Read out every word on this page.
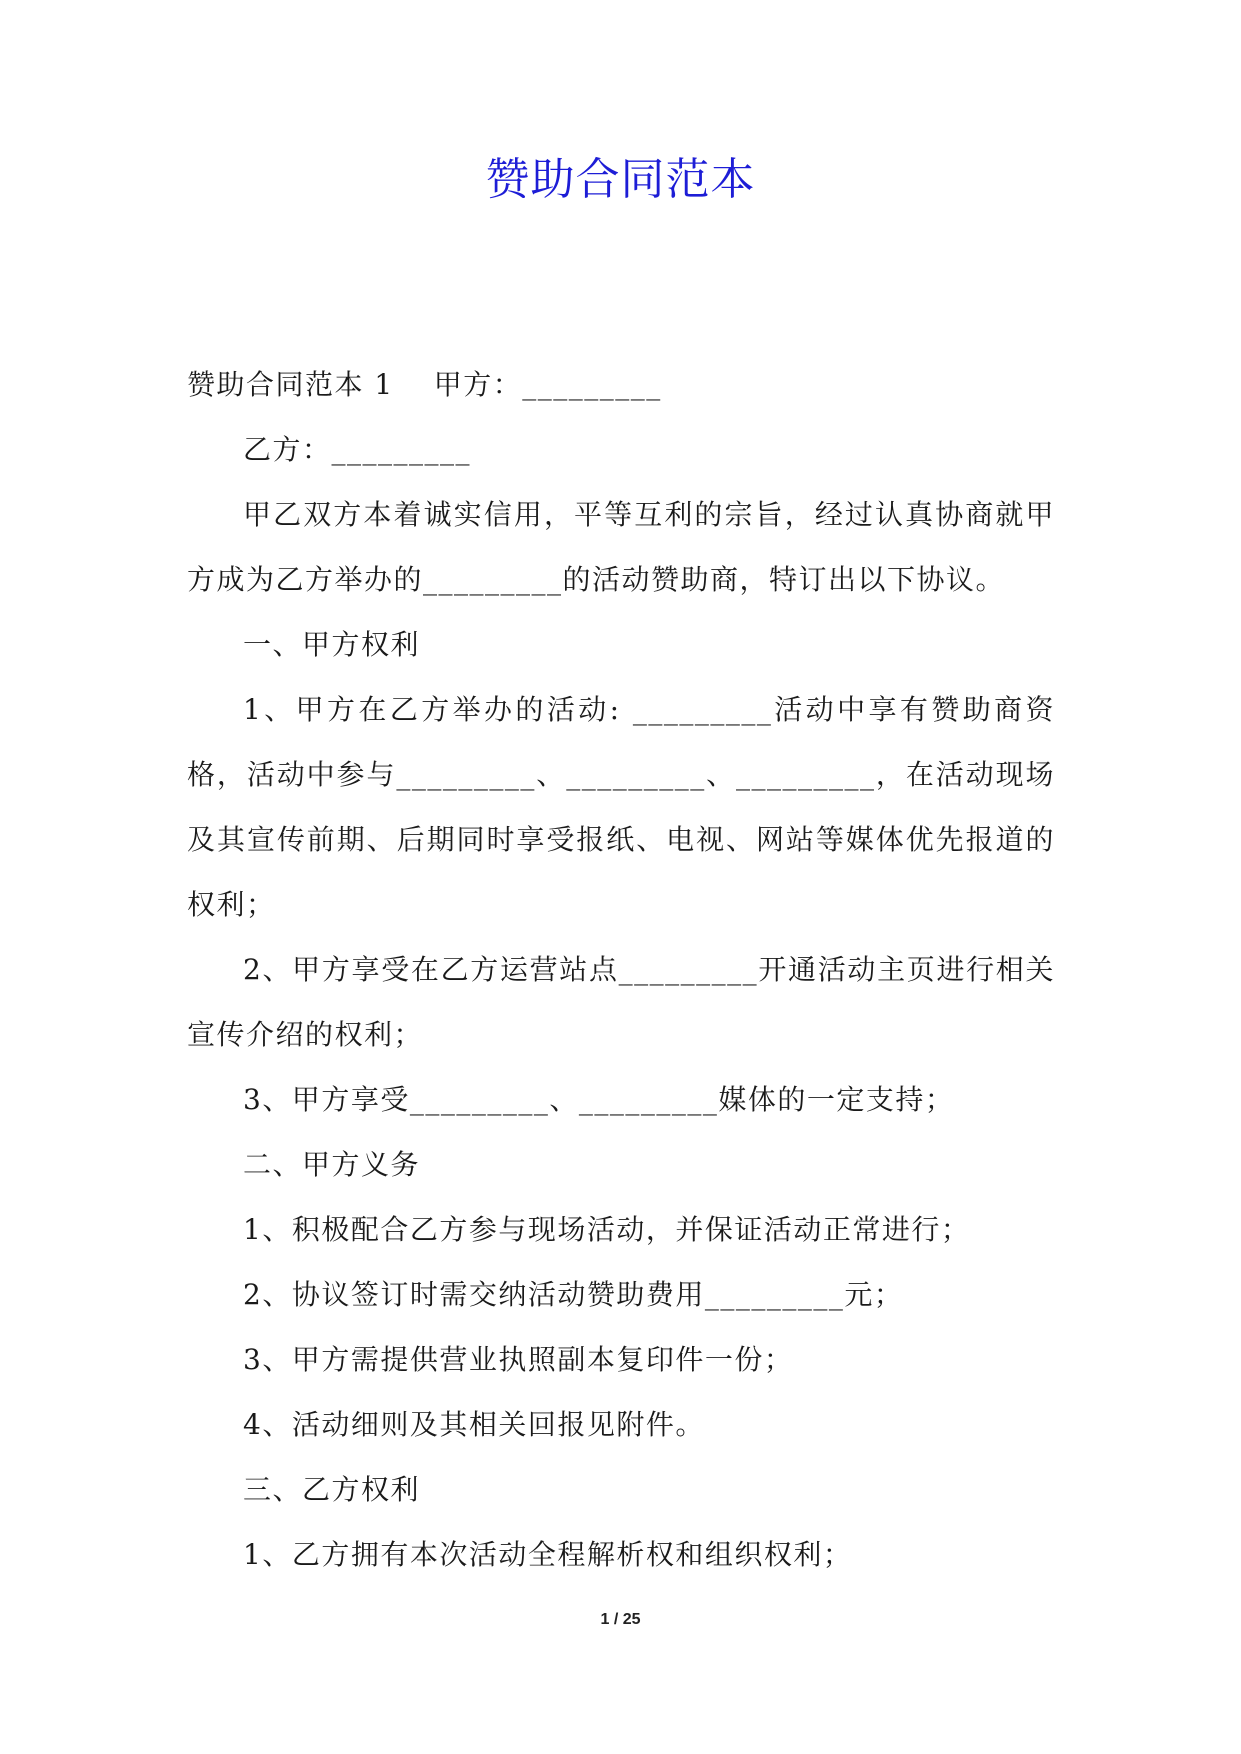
赞助合同范本

赞助合同范本 1 甲方：_________

乙方：_________

甲乙双方本着诚实信用，平等互利的宗旨，经过认真协商就甲方成为乙方举办的_________的活动赞助商，特订出以下协议。

一、甲方权利

1、甲方在乙方举办的活动: _________活动中享有赞助商资格，活动中参与_________、_________、_________，在活动现场及其宣传前期、后期同时享受报纸、电视、网站等媒体优先报道的权利；

2、甲方享受在乙方运营站点_________开通活动主页进行相关宣传介绍的权利；

3、甲方享受_________、_________媒体的一定支持；

二、甲方义务

1、积极配合乙方参与现场活动，并保证活动正常进行；

2、协议签订时需交纳活动赞助费用_________元；

3、甲方需提供营业执照副本复印件一份；

4、活动细则及其相关回报见附件。

三、乙方权利

1、乙方拥有本次活动全程解析权和组织权利；

1 / 25
